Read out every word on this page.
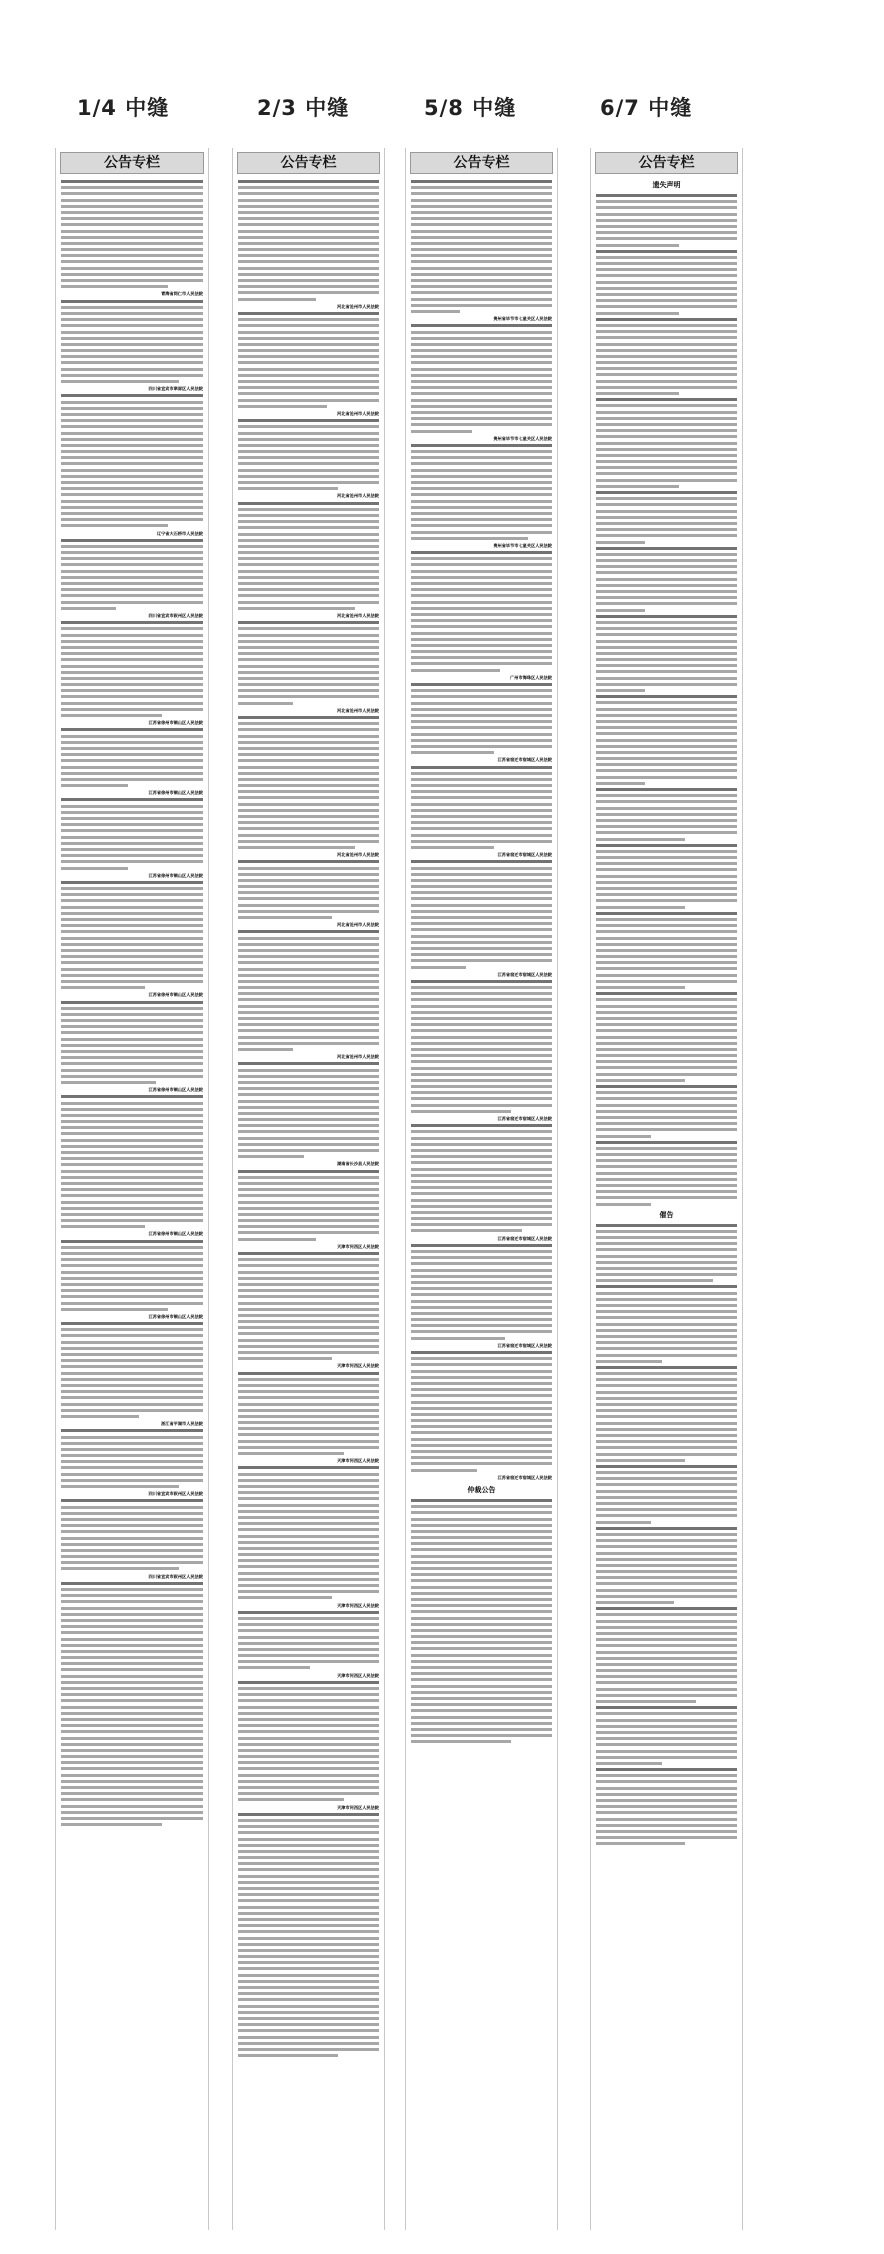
1/4 中缝	2/3 中缝	5/8 中缝	6/7 中缝
公告专栏
青海省同仁市人民法院
四川省宜宾市翠屏区人民法院
辽宁省大石桥市人民法院
四川省宜宾市叙州区人民法院
江苏省徐州市铜山区人民法院
江苏省徐州市铜山区人民法院
江苏省徐州市铜山区人民法院
江苏省徐州市铜山区人民法院
江苏省徐州市铜山区人民法院
江苏省徐州市铜山区人民法院
江苏省徐州市铜山区人民法院
浙江省平湖市人民法院
四川省宜宾市叙州区人民法院
四川省宜宾市叙州区人民法院
公告专栏
河北省沧州市人民法院
河北省沧州市人民法院
河北省沧州市人民法院
河北省沧州市人民法院
河北省沧州市人民法院
河北省沧州市人民法院
河北省沧州市人民法院
河北省沧州市人民法院
湖南省长沙县人民法院
天津市河西区人民法院
天津市河西区人民法院
天津市河西区人民法院
天津市河西区人民法院
天津市河西区人民法院
天津市河西区人民法院
公告专栏
贵州省毕节市七星关区人民法院
贵州省毕节市七星关区人民法院
贵州省毕节市七星关区人民法院
广州市海珠区人民法院
江苏省宿迁市宿城区人民法院
江苏省宿迁市宿城区人民法院
江苏省宿迁市宿城区人民法院
江苏省宿迁市宿城区人民法院
江苏省宿迁市宿城区人民法院
江苏省宿迁市宿城区人民法院
江苏省宿迁市宿城区人民法院
仲裁公告
公告专栏
遗失声明
催告
